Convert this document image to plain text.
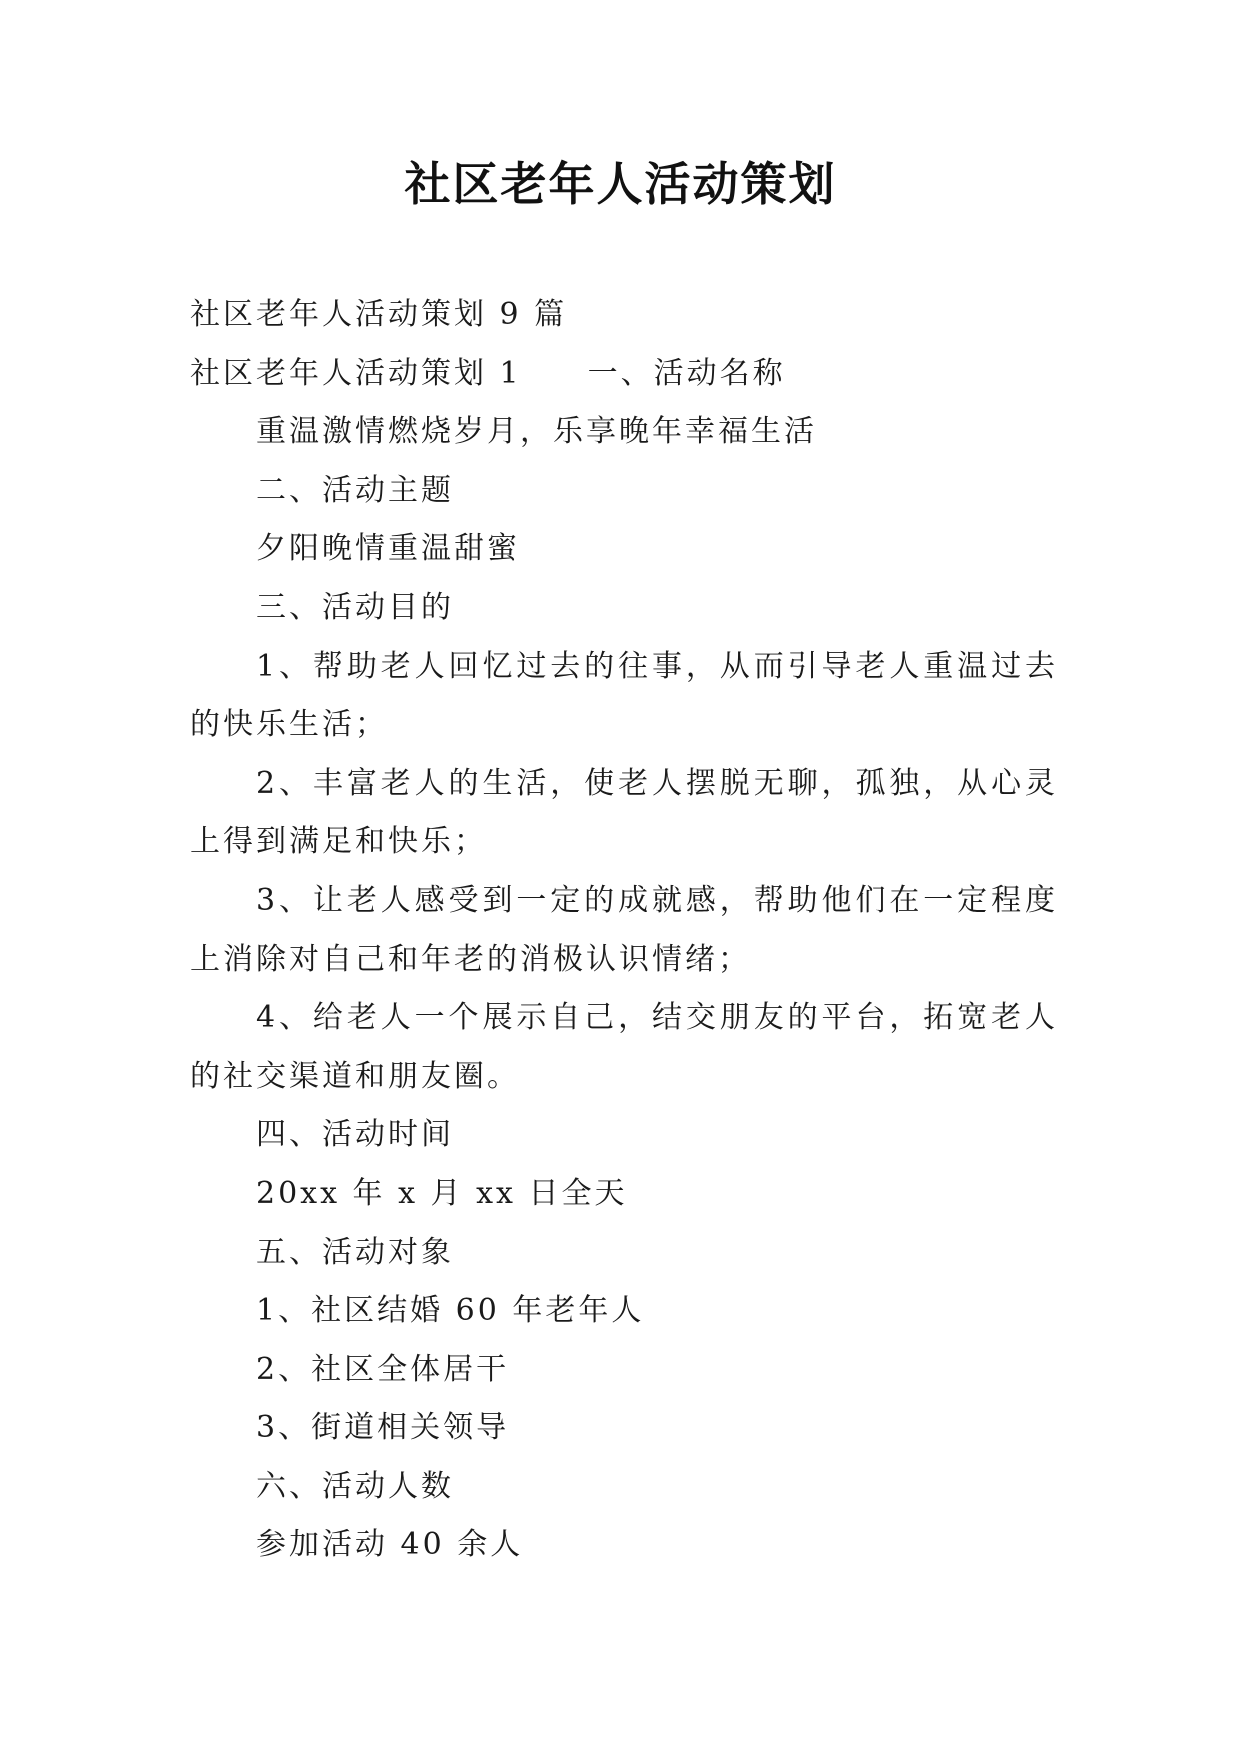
社区老年人活动策划

社区老年人活动策划 9 篇

社区老年人活动策划 1 一、活动名称

重温激情燃烧岁月，乐享晚年幸福生活

二、活动主题

夕阳晚情重温甜蜜

三、活动目的

1、帮助老人回忆过去的往事，从而引导老人重温过去的快乐生活；

2、丰富老人的生活，使老人摆脱无聊，孤独，从心灵上得到满足和快乐；

3、让老人感受到一定的成就感，帮助他们在一定程度上消除对自己和年老的消极认识情绪；

4、给老人一个展示自己，结交朋友的平台，拓宽老人的社交渠道和朋友圈。

四、活动时间

20xx 年 x 月 xx 日全天

五、活动对象

1、社区结婚 60 年老年人

2、社区全体居干

3、街道相关领导

六、活动人数

参加活动 40 余人
